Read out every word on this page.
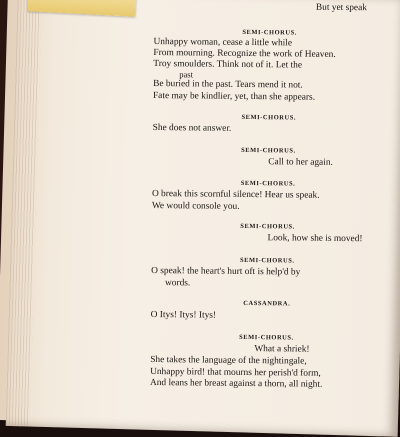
But yet speak

SEMI-CHORUS.

Unhappy woman, cease a little while

From mourning. Recognize the work of Heaven.

Troy smoulders. Think not of it. Let the

past

Be buried in the past. Tears mend it not.

Fate may be kindlier, yet, than she appears.

SEMI-CHORUS.

She does not answer.

SEMI-CHORUS.

Call to her again.

SEMI-CHORUS.

O break this scornful silence! Hear us speak.

We would console you.

SEMI-CHORUS.

Look, how she is moved!

SEMI-CHORUS.

O speak! the heart's hurt oft is help'd by

words.

CASSANDRA.

O Itys! Itys! Itys!

SEMI-CHORUS.

What a shriek!

She takes the language of the nightingale,

Unhappy bird! that mourns her perish'd form,

And leans her breast against a thorn, all night.
